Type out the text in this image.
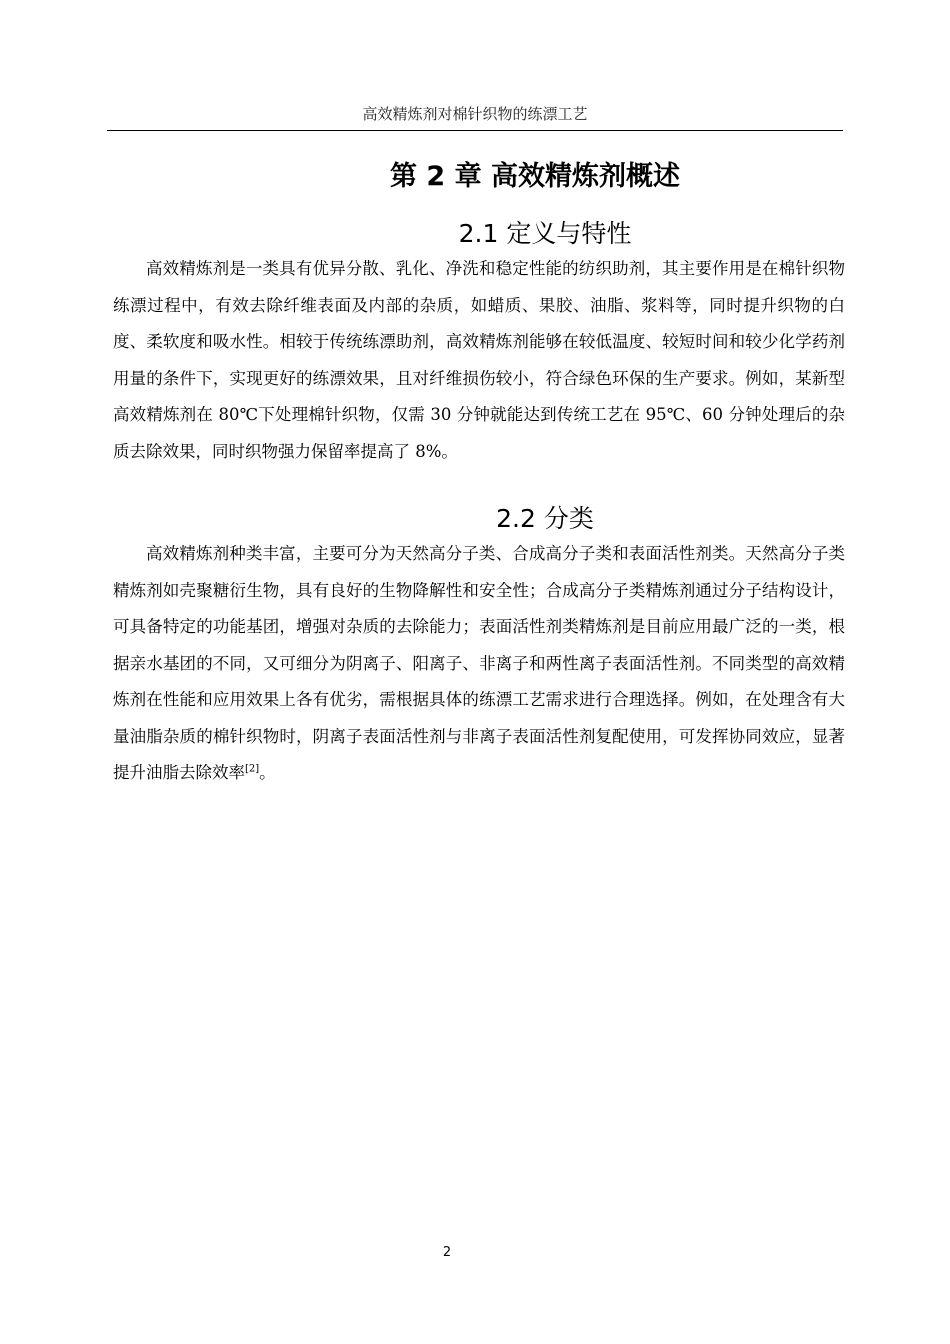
高效精炼剂对棉针织物的练漂工艺
第 2 章 高效精炼剂概述
2.1 定义与特性

高效精炼剂是一类具有优异分散、乳化、净洗和稳定性能的纺织助剂，其主要作用是在棉针织物练漂过程中，有效去除纤维表面及内部的杂质，如蜡质、果胶、油脂、浆料等，同时提升织物的白度、柔软度和吸水性。相较于传统练漂助剂，高效精炼剂能够在较低温度、较短时间和较少化学药剂用量的条件下，实现更好的练漂效果，且对纤维损伤较小，符合绿色环保的生产要求。例如，某新型高效精炼剂在 80℃下处理棉针织物，仅需 30 分钟就能达到传统工艺在 95℃、60 分钟处理后的杂质去除效果，同时织物强力保留率提高了 8%。

2.2 分类

高效精炼剂种类丰富，主要可分为天然高分子类、合成高分子类和表面活性剂类。天然高分子类精炼剂如壳聚糖衍生物，具有良好的生物降解性和安全性；合成高分子类精炼剂通过分子结构设计，可具备特定的功能基团，增强对杂质的去除能力；表面活性剂类精炼剂是目前应用最广泛的一类，根据亲水基团的不同，又可细分为阴离子、阳离子、非离子和两性离子表面活性剂。不同类型的高效精炼剂在性能和应用效果上各有优劣，需根据具体的练漂工艺需求进行合理选择。例如，在处理含有大量油脂杂质的棉针织物时，阴离子表面活性剂与非离子表面活性剂复配使用，可发挥协同效应，显著提升油脂去除效率[2]。

2
